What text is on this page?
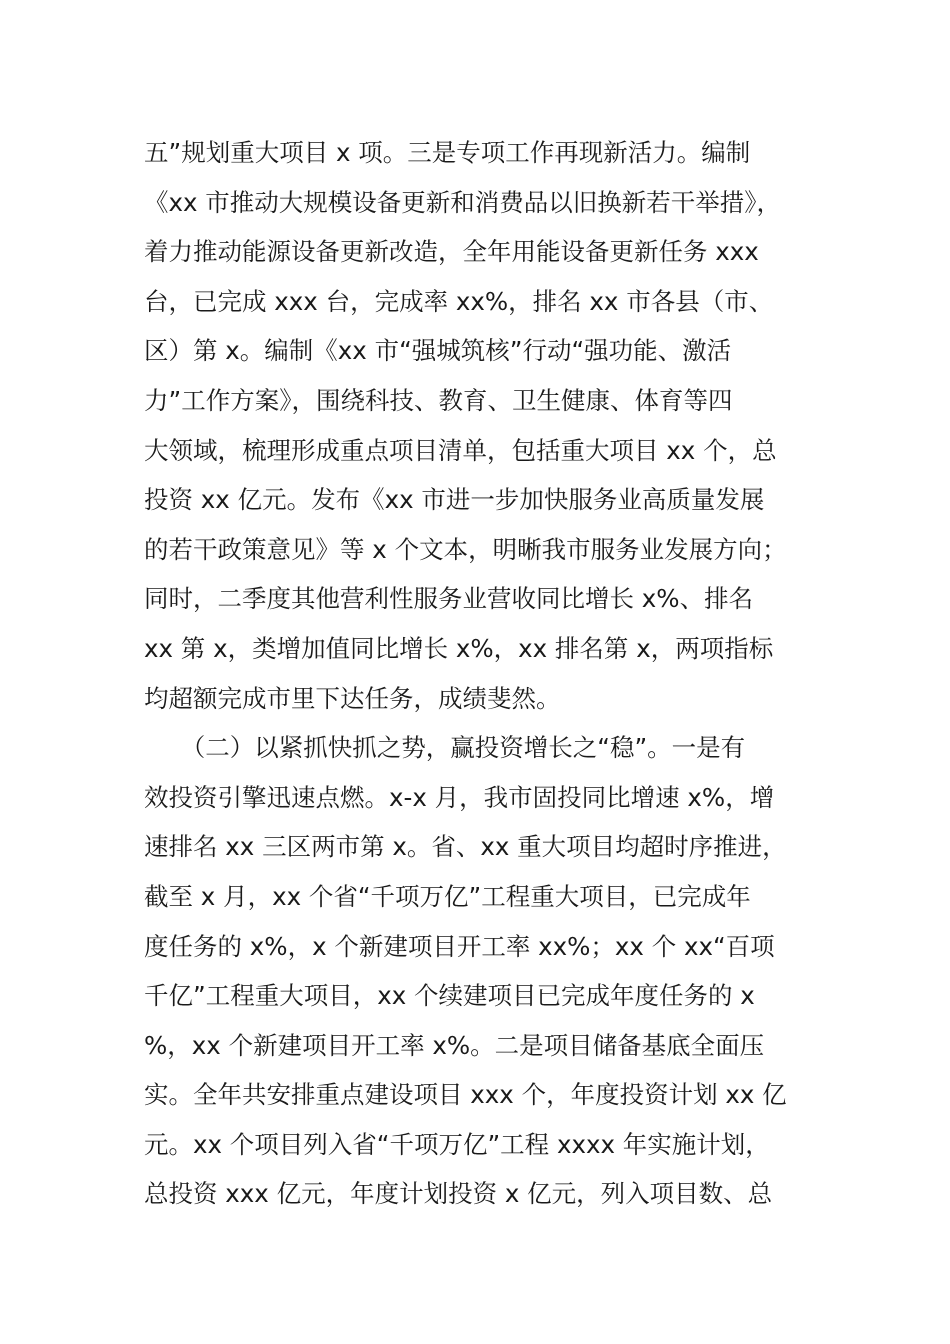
五”规划重大项目 x 项。三是专项工作再现新活力。编制
《xx 市推动大规模设备更新和消费品以旧换新若干举措》，
着力推动能源设备更新改造，全年用能设备更新任务 xxx
台，已完成 xxx 台，完成率 xx%，排名 xx 市各县（市、
区）第 x。编制《xx 市“强城筑核”行动“强功能、激活
力”工作方案》，围绕科技、教育、卫生健康、体育等四
大领域，梳理形成重点项目清单，包括重大项目 xx 个，总
投资 xx 亿元。发布《xx 市进一步加快服务业高质量发展
的若干政策意见》等 x 个文本，明晰我市服务业发展方向；
同时，二季度其他营利性服务业营收同比增长 x%、排名
xx 第 x，类增加值同比增长 x%，xx 排名第 x，两项指标
均超额完成市里下达任务，成绩斐然。
　　（二）以紧抓快抓之势，赢投资增长之“稳”。一是有
效投资引擎迅速点燃。x-x 月，我市固投同比增速 x%，增
速排名 xx 三区两市第 x。省、xx 重大项目均超时序推进，
截至 x 月，xx 个省“千项万亿”工程重大项目，已完成年
度任务的 x%，x 个新建项目开工率 xx%；xx 个 xx“百项
千亿”工程重大项目，xx 个续建项目已完成年度任务的 x
%，xx 个新建项目开工率 x%。二是项目储备基底全面压
实。全年共安排重点建设项目 xxx 个，年度投资计划 xx 亿
元。xx 个项目列入省“千项万亿”工程 xxxx 年实施计划，
总投资 xxx 亿元，年度计划投资 x 亿元，列入项目数、总
